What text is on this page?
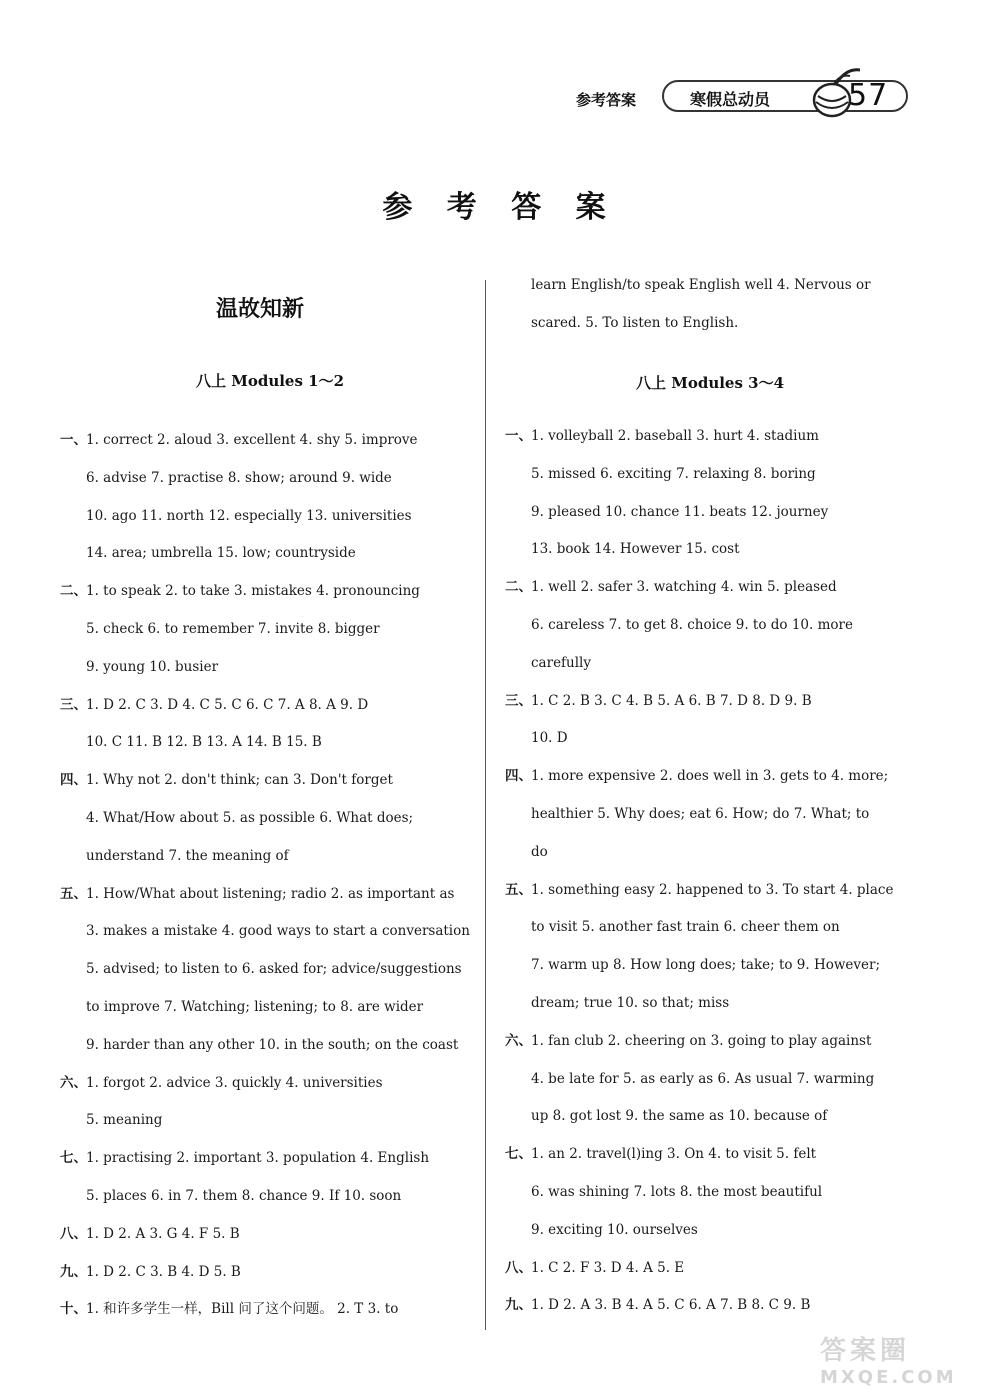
参考答案	寒假总动员	57
参 考 答 案
温故知新
八上 Modules 1～2
一、1. correct 2. aloud 3. excellent 4. shy 5. improve
6. advise 7. practise 8. show; around 9. wide
10. ago 11. north 12. especially 13. universities
14. area; umbrella 15. low; countryside
二、1. to speak 2. to take 3. mistakes 4. pronouncing
5. check 6. to remember 7. invite 8. bigger
9. young 10. busier
三、1. D 2. C 3. D 4. C 5. C 6. C 7. A 8. A 9. D
10. C 11. B 12. B 13. A 14. B 15. B
四、1. Why not 2. don't think; can 3. Don't forget
4. What/How about 5. as possible 6. What does;
understand 7. the meaning of
五、1. How/What about listening; radio 2. as important as
3. makes a mistake 4. good ways to start a conversation
5. advised; to listen to 6. asked for; advice/suggestions
to improve 7. Watching; listening; to 8. are wider
9. harder than any other 10. in the south; on the coast
六、1. forgot 2. advice 3. quickly 4. universities
5. meaning
七、1. practising 2. important 3. population 4. English
5. places 6. in 7. them 8. chance 9. If 10. soon
八、1. D 2. A 3. G 4. F 5. B
九、1. D 2. C 3. B 4. D 5. B
十、1. 和许多学生一样，Bill 问了这个问题。 2. T 3. to
learn English/to speak English well 4. Nervous or
scared. 5. To listen to English.
八上 Modules 3～4
一、1. volleyball 2. baseball 3. hurt 4. stadium
5. missed 6. exciting 7. relaxing 8. boring
9. pleased 10. chance 11. beats 12. journey
13. book 14. However 15. cost
二、1. well 2. safer 3. watching 4. win 5. pleased
6. careless 7. to get 8. choice 9. to do 10. more
carefully
三、1. C 2. B 3. C 4. B 5. A 6. B 7. D 8. D 9. B
10. D
四、1. more expensive 2. does well in 3. gets to 4. more;
healthier 5. Why does; eat 6. How; do 7. What; to
do
五、1. something easy 2. happened to 3. To start 4. place
to visit 5. another fast train 6. cheer them on
7. warm up 8. How long does; take; to 9. However;
dream; true 10. so that; miss
六、1. fan club 2. cheering on 3. going to play against
4. be late for 5. as early as 6. As usual 7. warming
up 8. got lost 9. the same as 10. because of
七、1. an 2. travel(l)ing 3. On 4. to visit 5. felt
6. was shining 7. lots 8. the most beautiful
9. exciting 10. ourselves
八、1. C 2. F 3. D 4. A 5. E
九、1. D 2. A 3. B 4. A 5. C 6. A 7. B 8. C 9. B
答案圈
MXQE.COM
